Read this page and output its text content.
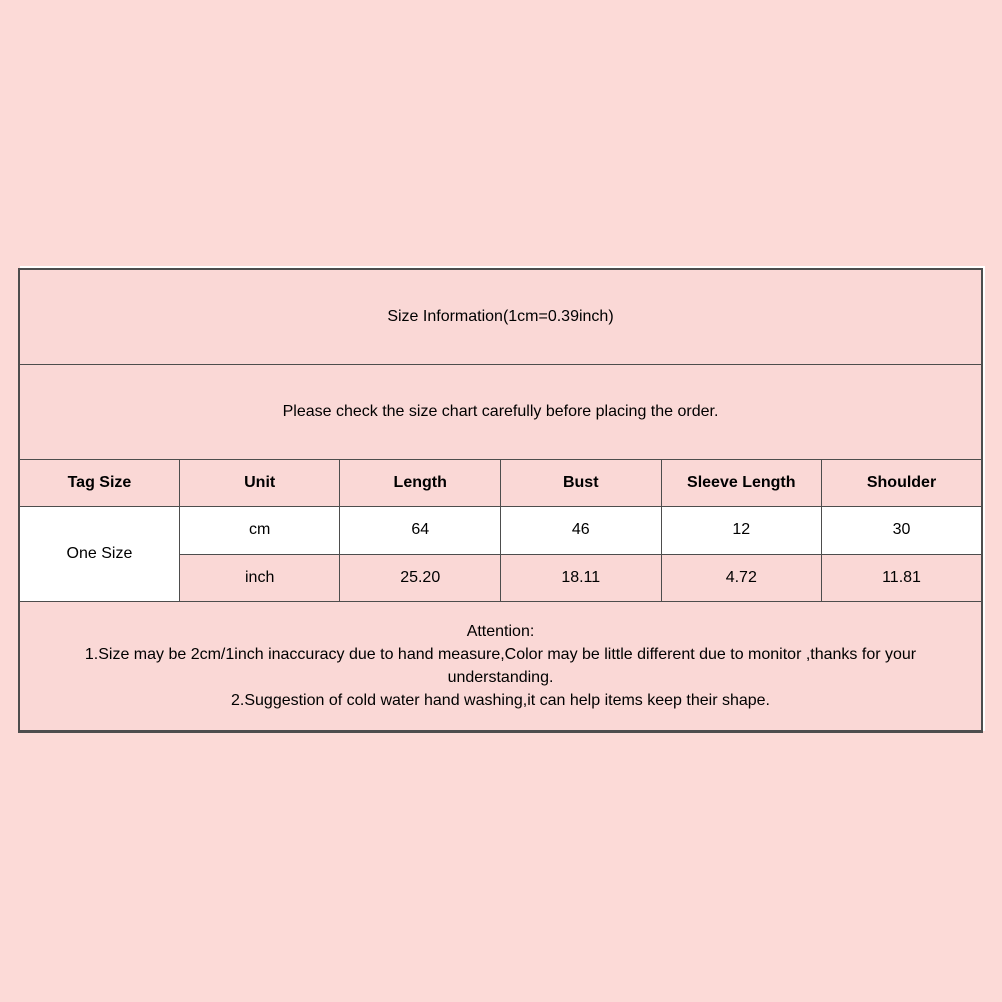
Size Information(1cm=0.39inch)					
Please check the size chart carefully before placing the order.					
Tag Size	Unit	Length	Bust	Sleeve Length	Shoulder
One Size	cm	64	46	12	30
	inch	25.20	18.11	4.72	11.81

Attention:
1.Size may be 2cm/1inch inaccuracy due to hand measure,Color may be little different due to monitor ,thanks for your
understanding.
2.Suggestion of cold water hand washing,it can help items keep their shape.					
